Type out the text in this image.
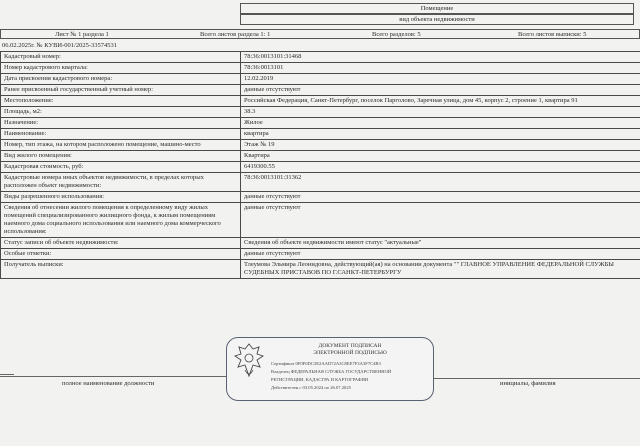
Помещение
вид объекта недвижимости
Лист № 1 раздела 1	Всего листов раздела 1: 1	Всего разделов: 5	Всего листов выписки: 5
06.02.2025г. № КУВИ-001/2025-33574531
Кадастровый номер:	78:36:0013101:31468
Номер кадастрового квартала:	78:36:0013101
Дата присвоения кадастрового номера:	12.02.2019
Ранее присвоенный государственный учетный номер:	данные отсутствуют
Местоположение:	Российская Федерация, Санкт-Петербург, поселок Парголово, Заречная улица, дом 45, корпус 2, строение 1, квартира 91
Площадь, м2:	38.3
Назначение:	Жилое
Наименование:	квартира
Номер, тип этажа, на котором расположено помещение, машино-место	Этаж № 19
Вид жилого помещения:	Квартира
Кадастровая стоимость, руб:	6419300.55
Кадастровые номера иных объектов недвижимости, в пределах которых расположен объект недвижимости:	78:36:0013101:31362
Виды разрешенного использования:	данные отсутствуют
Сведения об отнесении жилого помещения к определенному виду жилых помещений специализированного жилищного фонда, к жилым помещениям наемного дома социального использования или наемного дома коммерческого использования:	данные отсутствуют
Статус записи об объекте недвижимости:	Сведения об объекте недвижимости имеют статус "актуальные"
Особые отметки:	данные отсутствуют
Получатель выписки:	Тлеумова Эльмира Леонидовна, действующий(ая) на основании документа "" ГЛАВНОЕ УПРАВЛЕНИЕ ФЕДЕРАЛЬНОЙ СЛУЖБЫ СУДЕБНЫХ ПРИСТАВОВ ПО Г.САНКТ-ПЕТЕРБУРГУ
ДОКУМЕНТ ПОДПИСАН
ЭЛЕКТРОННОЙ ПОДПИСЬЮ
Сертификат 0F0F0DC3E2AAD72A3C8EE7F3A3F7C4B3
Владелец ФЕДЕРАЛЬНАЯ СЛУЖБА ГОСУДАРСТВЕННОЙ
РЕГИСТРАЦИИ, КАДАСТРА И КАРТОГРАФИИ
Действителен с 03.05.2024 по 26.07.2025
полное наименование должности	инициалы, фамилия
